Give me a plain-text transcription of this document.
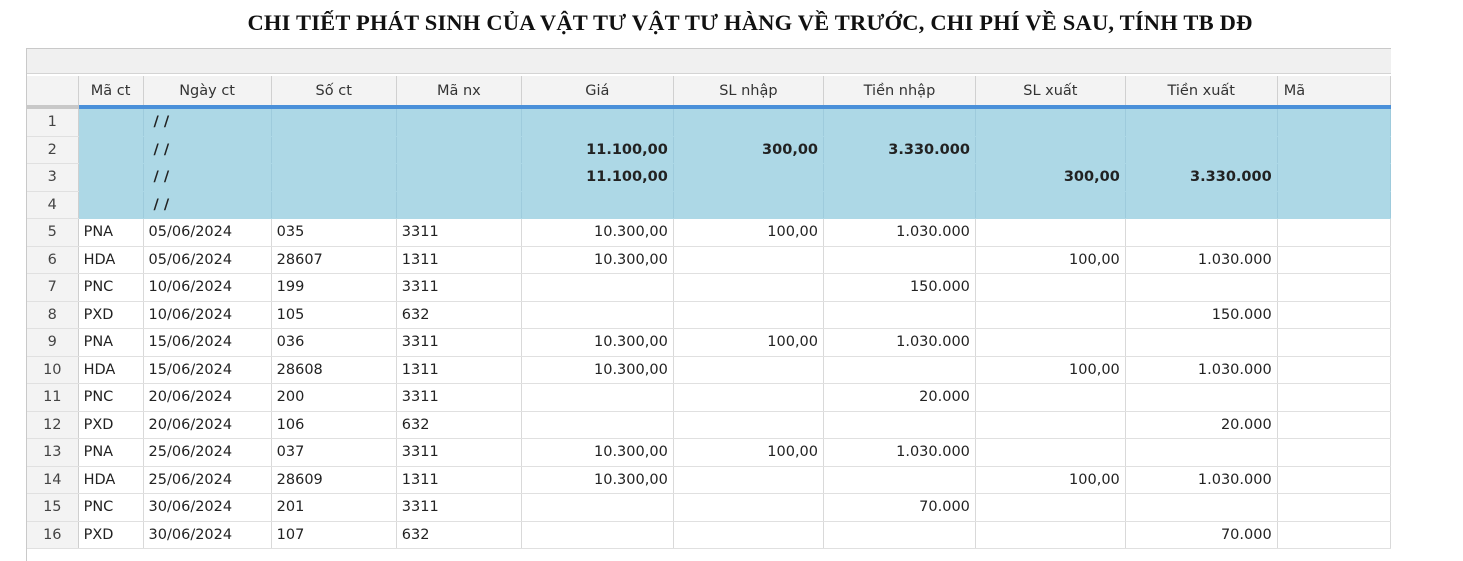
CHI TIẾT PHÁT SINH CỦA VẬT TƯ VẬT TƯ HÀNG VỀ TRƯỚC, CHI PHÍ VỀ SAU, TÍNH TB DĐ
	Mã ct	Ngày ct	Số ct	Mã nx	Giá	SL nhập	Tiền nhập	SL xuất	Tiền xuất	Mã
1		/ /								
2		/ /			11.100,00	300,00	3.330.000			
3		/ /			11.100,00			300,00	3.330.000	
4		/ /								
5	PNA	05/06/2024	035	3311	10.300,00	100,00	1.030.000			
6	HDA	05/06/2024	28607	1311	10.300,00			100,00	1.030.000	
7	PNC	10/06/2024	199	3311			150.000			
8	PXD	10/06/2024	105	632					150.000	
9	PNA	15/06/2024	036	3311	10.300,00	100,00	1.030.000			
10	HDA	15/06/2024	28608	1311	10.300,00			100,00	1.030.000	
11	PNC	20/06/2024	200	3311			20.000			
12	PXD	20/06/2024	106	632					20.000	
13	PNA	25/06/2024	037	3311	10.300,00	100,00	1.030.000			
14	HDA	25/06/2024	28609	1311	10.300,00			100,00	1.030.000	
15	PNC	30/06/2024	201	3311			70.000			
16	PXD	30/06/2024	107	632					70.000	
